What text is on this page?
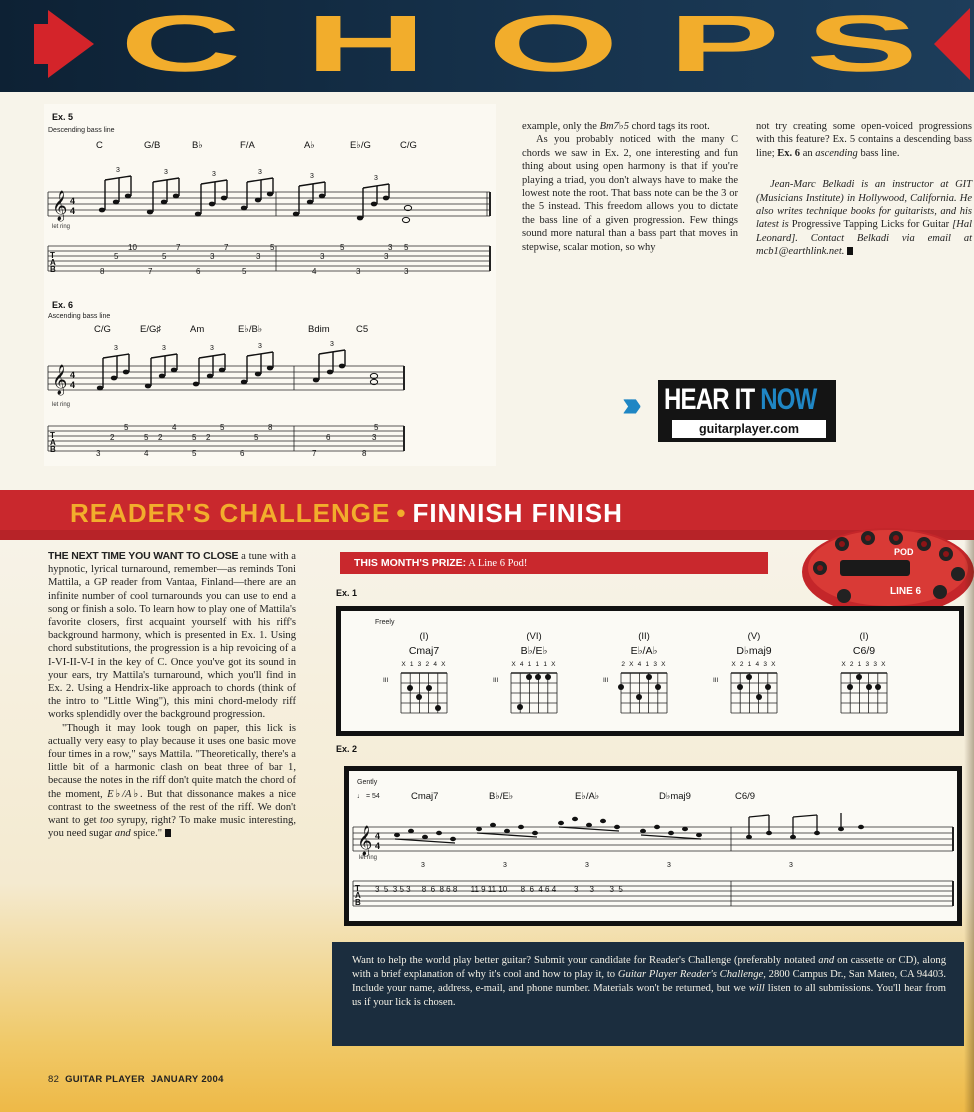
C H O P S
Ex. 5
Descending bass line
C	G/B	B♭	F/A	A♭	E♭/G	C/G
𝄞 4
4
3	3	3	3
3	3
T
A
B
10	7	7	5	5	3 5
5	5	3	3	3	3
8	7	6	5	4	3	3
let ring
Ex. 6
Ascending bass line
C/G	E/G♯	Am	E♭/B♭	Bdim	C5
𝄞 4
4
3	3	3	3	3
T
A
B
5	4	5	8	5
2	5 2	5 2	5	6	3
3	4	5	6	7	8
let ring

example, only the Bm7♭5 chord tags its root.

As you probably noticed with the many C chords we saw in Ex. 2, one interesting and fun thing about using open harmony is that if you're playing a triad, you don't always have to make the lowest note the root. That bass note can be the 3 or the 5 instead. This freedom allows you to dictate the bass line of a given progression. Few things sound more natural than a bass part that moves in stepwise, scalar motion, so why

not try creating some open-voiced progressions with this feature? Ex. 5 contains a descending bass line; Ex. 6 an ascending bass line.

Jean-Marc Belkadi is an instructor at GIT (Musicians Institute) in Hollywood, California. He also writes technique books for guitarists, and his latest is Progressive Tapping Licks for Guitar [Hal Leonard]. Contact Belkadi via email at mcb1@earthlink.net.

››› HEAR IT NOW
guitarplayer.com
READER'S CHALLENGE • FINNISH FINISH

THE NEXT TIME YOU WANT TO CLOSE a tune with a hypnotic, lyrical turnaround, remember—as reminds Toni Mattila, a GP reader from Vantaa, Finland—there are an infinite number of cool turnarounds you can use to end a song or finish a solo. To learn how to play one of Mattila's favorite closers, first acquaint yourself with his riff's background harmony, which is presented in Ex. 1. Using chord substitutions, the progression is a hip revoicing of a I-VI-II-V-I in the key of C. Once you've got its sound in your ears, try Mattila's turnaround, which you'll find in Ex. 2. Using a Hendrix-like approach to chords (think of the intro to "Little Wing"), this mini chord-melody riff works splendidly over the background progression.

"Though it may look tough on paper, this lick is actually very easy to play because it uses one basic move four times in a row," says Mattila. "Theoretically, there's a little bit of a harmonic clash on beat three of bar 1, because the notes in the riff don't quite match the chord of the moment, E♭/A♭. But that dissonance makes a nice contrast to the sweetness of the rest of the riff. We don't want to get too syrupy, right? To make music interesting, you need sugar and spice."

THIS MONTH'S PRIZE: A Line 6 Pod!
POD
LINE 6
Ex. 1
Freely
(I)
Cmaj7
X 1 3 2 4 X
III
(VI)
B♭/E♭
X 4 1 1 1 X
III
(II)
E♭/A♭
2 X 4 1 3 X
III
(V)
D♭maj9
X 2 1 4 3 X
III
(I)
C6/9
X 2 1 3 3 X
Ex. 2
Gently
♩ = 54	Cmaj7	B♭/E♭	E♭/A♭	D♭maj9	C6/9
let ring
3  5  3 5 3     8  6  8 6 8      11 9 11 10      8  6  4 6 4        3     3       3  5
𝄞 4
4
3	3	3	3	3
T
A
B
Want to help the world play better guitar? Submit your candidate for Reader's Challenge (preferably notated and on cassette or CD), along with a brief explanation of why it's cool and how to play it, to Guitar Player Reader's Challenge, 2800 Campus Dr., San Mateo, CA 94403. Include your name, address, e-mail, and phone number. Materials won't be returned, but we will listen to all submissions. You'll hear from us if your lick is chosen.
82 GUITAR PLAYER JANUARY 2004
